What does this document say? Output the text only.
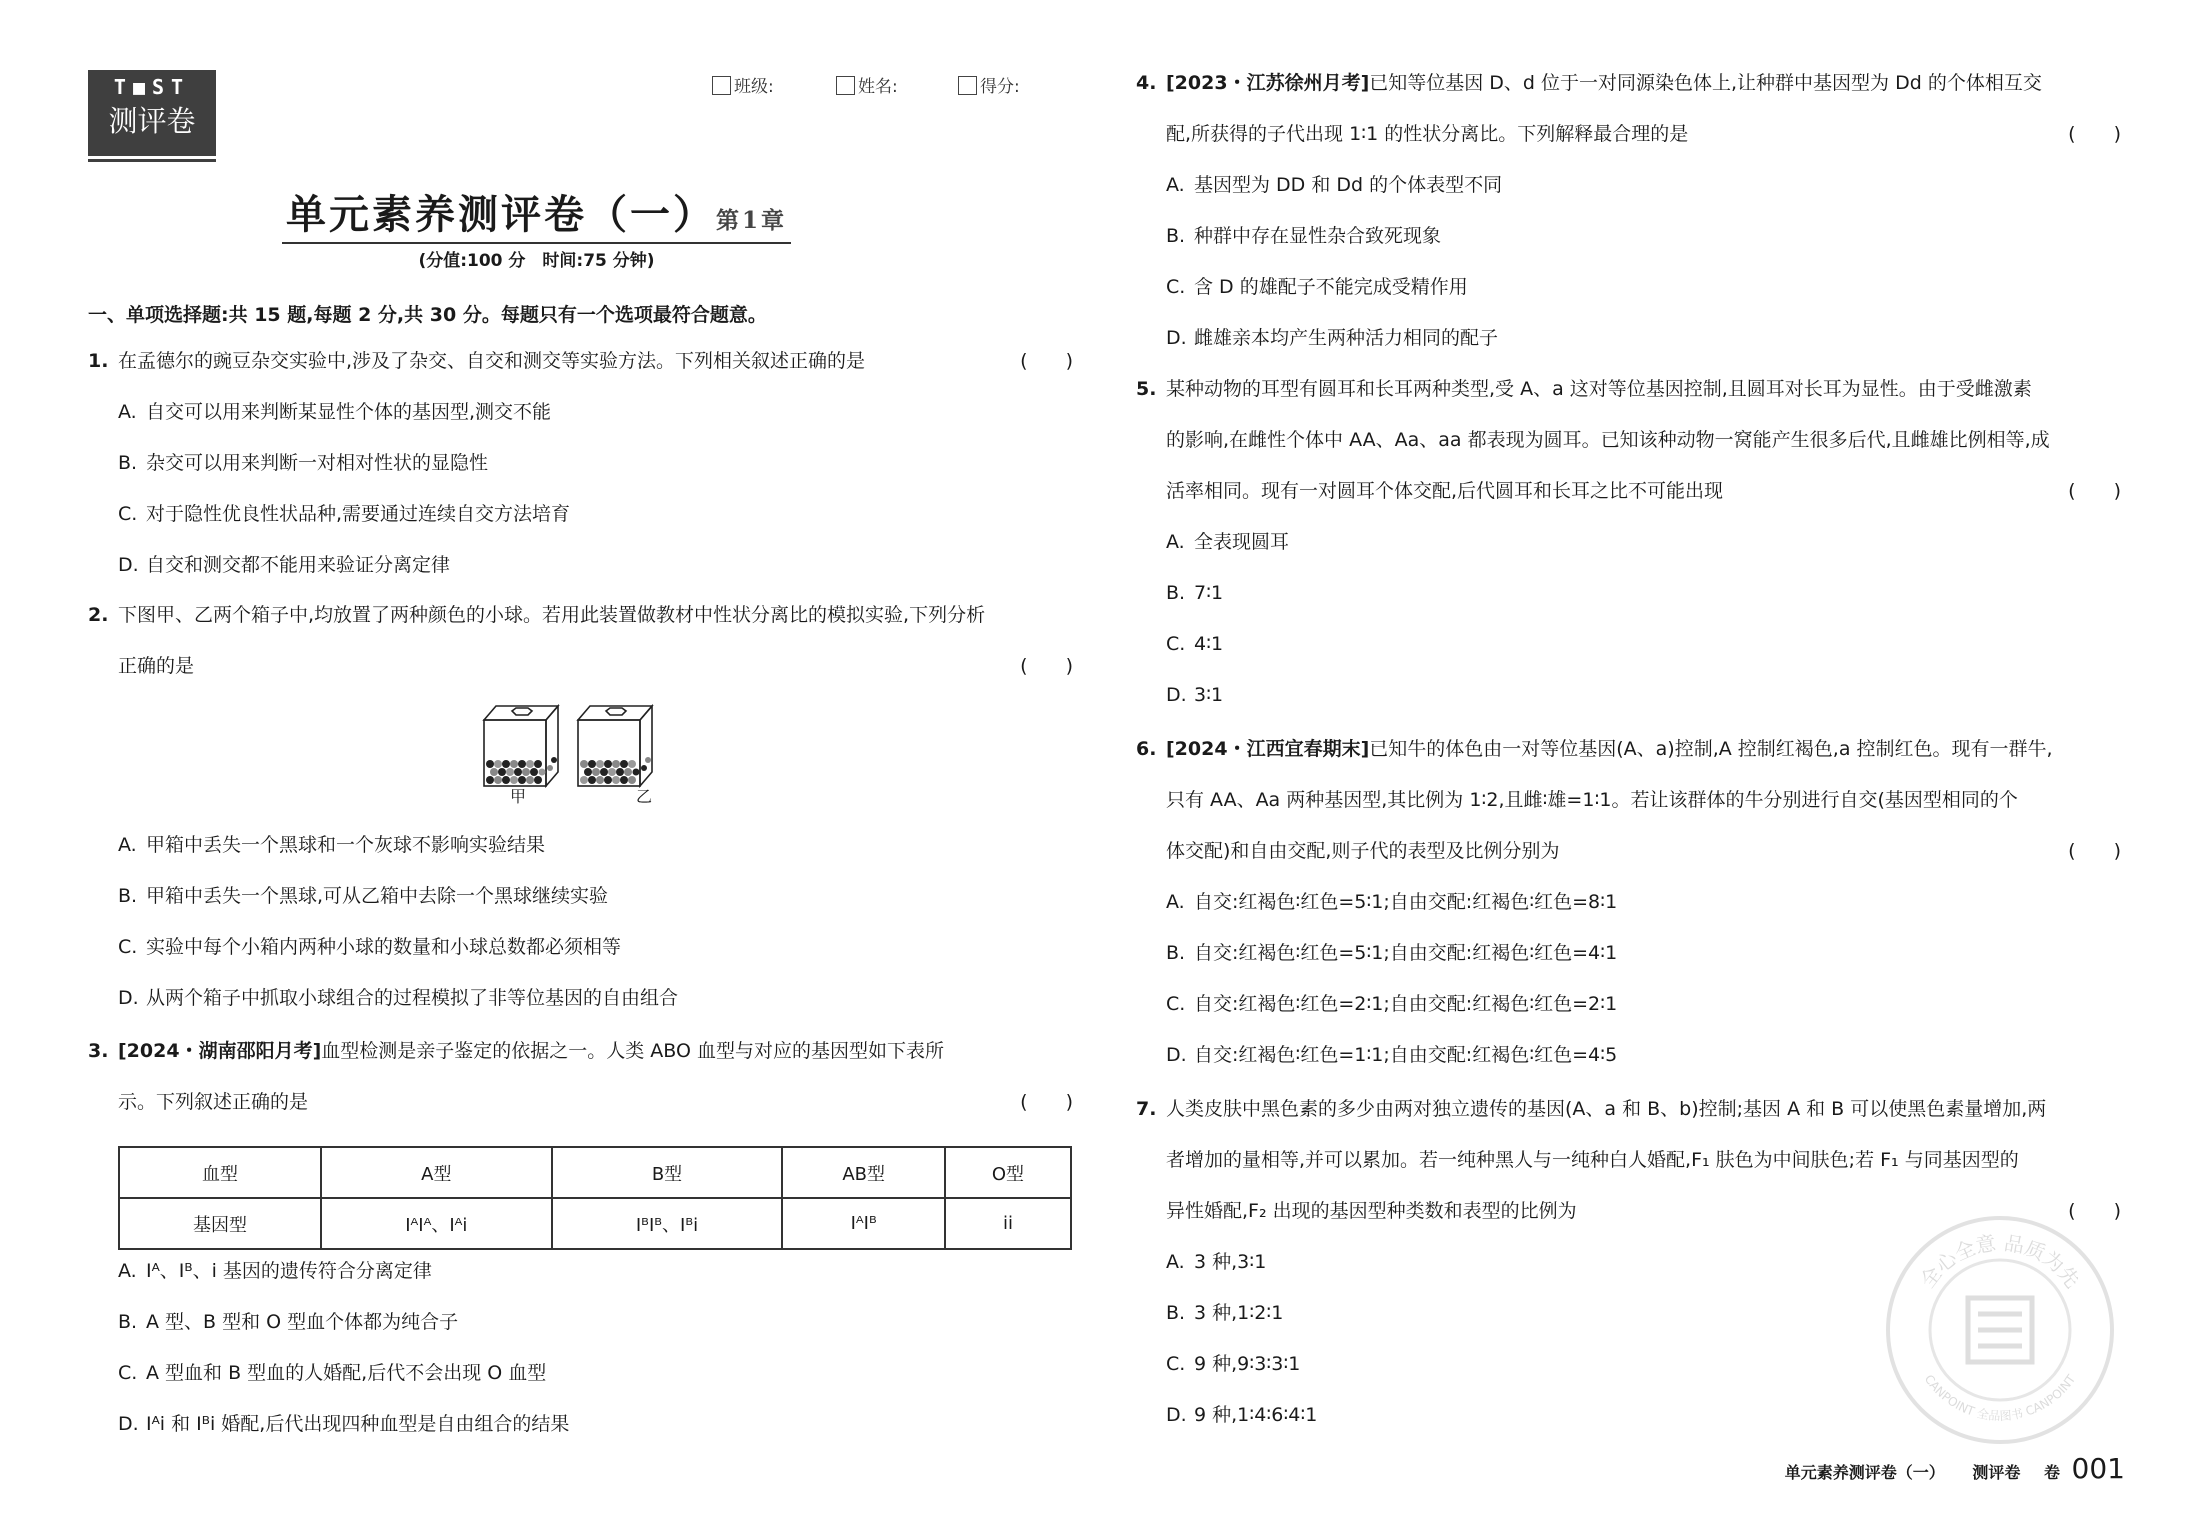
T■ST
测评卷
班级:	姓名:	得分:
单元素养测评卷（一）第1章
(分值:100 分　时间:75 分钟)
一、单项选择题:共 15 题,每题 2 分,共 30 分。每题只有一个选项最符合题意。
1. 在孟德尔的豌豆杂交实验中,涉及了杂交、自交和测交等实验方法。下列相关叙述正确的是	(　　)
A. 自交可以用来判断某显性个体的基因型,测交不能
B. 杂交可以用来判断一对相对性状的显隐性
C. 对于隐性优良性状品种,需要通过连续自交方法培育
D. 自交和测交都不能用来验证分离定律
2. 下图甲、乙两个箱子中,均放置了两种颜色的小球。若用此装置做教材中性状分离比的模拟实验,下列分析
正确的是	(　　)
甲	乙
A. 甲箱中丢失一个黑球和一个灰球不影响实验结果
B. 甲箱中丢失一个黑球,可从乙箱中去除一个黑球继续实验
C. 实验中每个小箱内两种小球的数量和小球总数都必须相等
D. 从两个箱子中抓取小球组合的过程模拟了非等位基因的自由组合
3. [2024・湖南邵阳月考]血型检测是亲子鉴定的依据之一。人类 ABO 血型与对应的基因型如下表所
示。下列叙述正确的是	(　　)
血型	A型	B型	AB型	O型
基因型	IᴬIᴬ、Iᴬi	IᴮIᴮ、Iᴮi	IᴬIᴮ	ii
A. Iᴬ、Iᴮ、i 基因的遗传符合分离定律
B. A 型、B 型和 O 型血个体都为纯合子
C. A 型血和 B 型血的人婚配,后代不会出现 O 血型
D. Iᴬi 和 Iᴮi 婚配,后代出现四种血型是自由组合的结果
4. [2023・江苏徐州月考]已知等位基因 D、d 位于一对同源染色体上,让种群中基因型为 Dd 的个体相互交
配,所获得的子代出现 1∶1 的性状分离比。下列解释最合理的是	(　　)
A. 基因型为 DD 和 Dd 的个体表型不同
B. 种群中存在显性杂合致死现象
C. 含 D 的雄配子不能完成受精作用
D. 雌雄亲本均产生两种活力相同的配子
5. 某种动物的耳型有圆耳和长耳两种类型,受 A、a 这对等位基因控制,且圆耳对长耳为显性。由于受雌激素
的影响,在雌性个体中 AA、Aa、aa 都表现为圆耳。已知该种动物一窝能产生很多后代,且雌雄比例相等,成
活率相同。现有一对圆耳个体交配,后代圆耳和长耳之比不可能出现	(　　)
A. 全表现圆耳
B. 7∶1
C. 4∶1
D. 3∶1
6. [2024・江西宜春期末]已知牛的体色由一对等位基因(A、a)控制,A 控制红褐色,a 控制红色。现有一群牛,
只有 AA、Aa 两种基因型,其比例为 1∶2,且雌∶雄=1∶1。若让该群体的牛分别进行自交(基因型相同的个
体交配)和自由交配,则子代的表型及比例分别为	(　　)
A. 自交:红褐色∶红色=5∶1;自由交配:红褐色∶红色=8∶1
B. 自交:红褐色∶红色=5∶1;自由交配:红褐色∶红色=4∶1
C. 自交:红褐色∶红色=2∶1;自由交配:红褐色∶红色=2∶1
D. 自交:红褐色∶红色=1∶1;自由交配:红褐色∶红色=4∶5
7. 人类皮肤中黑色素的多少由两对独立遗传的基因(A、a 和 B、b)控制;基因 A 和 B 可以使黑色素量增加,两
者增加的量相等,并可以累加。若一纯种黑人与一纯种白人婚配,F₁ 肤色为中间肤色;若 F₁ 与同基因型的
异性婚配,F₂ 出现的基因型种类数和表型的比例为	(　　)
A. 3 种,3∶1
B. 3 种,1∶2∶1
C. 9 种,9∶3∶3∶1
D. 9 种,1∶4∶6∶4∶1
全心全意 品质为先
CANPOINT 全品图书 CANPOINT
单元素养测评卷（一） 测评卷 卷 001
